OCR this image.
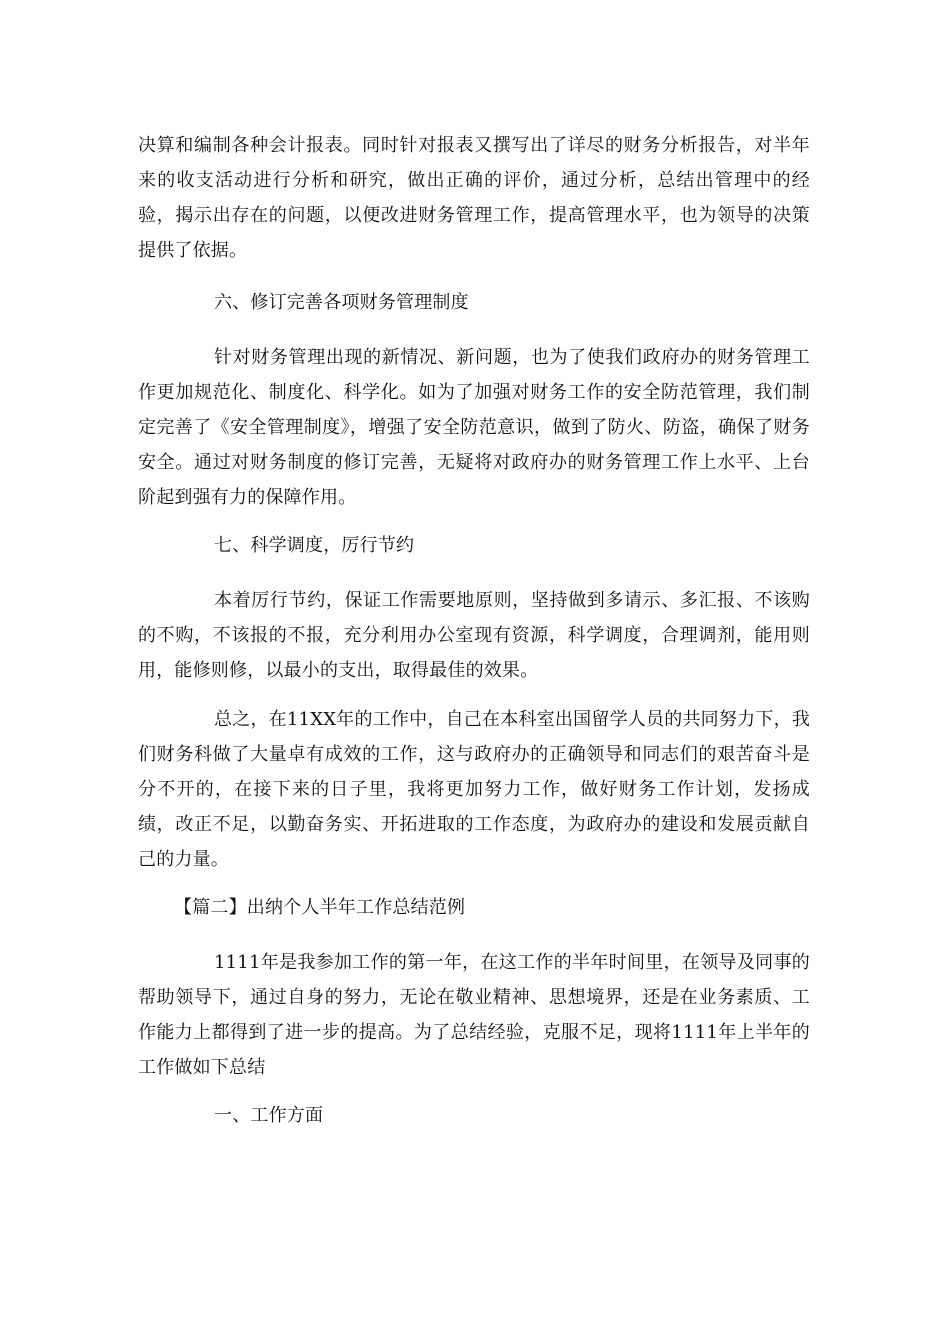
决算和编制各种会计报表。同时针对报表又撰写出了详尽的财务分析报告，对半年来的收支活动进行分析和研究，做出正确的评价，通过分析，总结出管理中的经验，揭示出存在的问题，以便改进财务管理工作，提高管理水平，也为领导的决策提供了依据。

六、修订完善各项财务管理制度

针对财务管理出现的新情况、新问题，也为了使我们政府办的财务管理工作更加规范化、制度化、科学化。如为了加强对财务工作的安全防范管理，我们制定完善了《安全管理制度》，增强了安全防范意识，做到了防火、防盗，确保了财务安全。通过对财务制度的修订完善，无疑将对政府办的财务管理工作上水平、上台阶起到强有力的保障作用。

七、科学调度，厉行节约

本着厉行节约，保证工作需要地原则，坚持做到多请示、多汇报、不该购的不购，不该报的不报，充分利用办公室现有资源，科学调度，合理调剂，能用则用，能修则修，以最小的支出，取得最佳的效果。

总之，在11XX年的工作中，自己在本科室出国留学人员的共同努力下，我们财务科做了大量卓有成效的工作，这与政府办的正确领导和同志们的艰苦奋斗是分不开的，在接下来的日子里，我将更加努力工作，做好财务工作计划，发扬成绩，改正不足，以勤奋务实、开拓进取的工作态度，为政府办的建设和发展贡献自己的力量。

【篇二】出纳个人半年工作总结范例

1111年是我参加工作的第一年，在这工作的半年时间里，在领导及同事的帮助领导下，通过自身的努力，无论在敬业精神、思想境界，还是在业务素质、工作能力上都得到了进一步的提高。为了总结经验，克服不足，现将1111年上半年的工作做如下总结

一、工作方面
